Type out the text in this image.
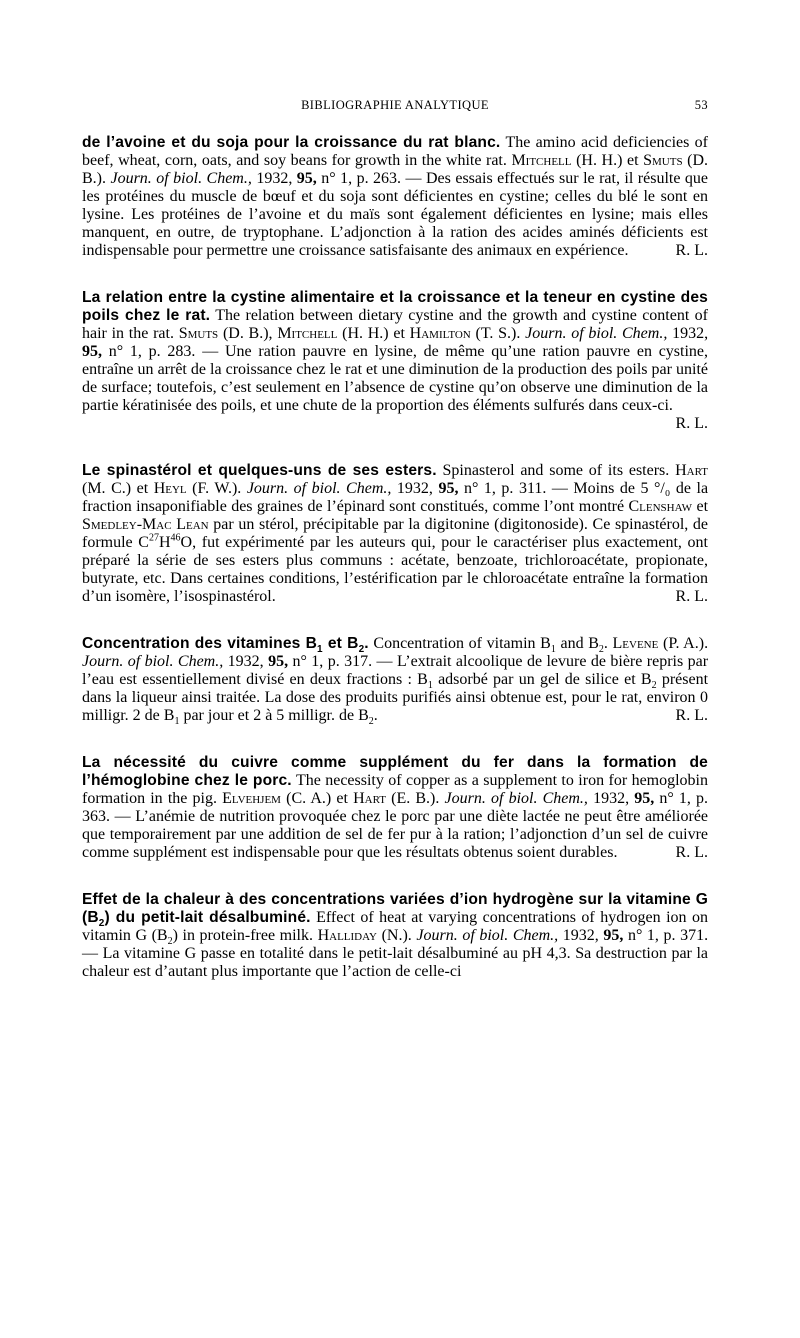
BIBLIOGRAPHIE ANALYTIQUE	53

de l’avoine et du soja pour la croissance du rat blanc. The amino acid deficiencies of beef, wheat, corn, oats, and soy beans for growth in the white rat. Mitchell (H. H.) et Smuts (D. B.). Journ. of biol. Chem., 1932, 95, n° 1, p. 263. — Des essais effectués sur le rat, il résulte que les protéines du muscle de bœuf et du soja sont déficientes en cystine; celles du blé le sont en lysine. Les protéines de l’avoine et du maïs sont également déficientes en lysine; mais elles manquent, en outre, de tryptophane. L’adjonction à la ration des acides aminés déficients est indispensable pour permettre une croissance satisfaisante des animaux en expérience.	R. L.

La relation entre la cystine alimentaire et la croissance et la teneur en cystine des poils chez le rat. The relation between dietary cystine and the growth and cystine content of hair in the rat. Smuts (D. B.), Mitchell (H. H.) et Hamilton (T. S.). Journ. of biol. Chem., 1932, 95, n° 1, p. 283. — Une ration pauvre en lysine, de même qu’une ration pauvre en cystine, entraîne un arrêt de la croissance chez le rat et une diminution de la production des poils par unité de surface; toutefois, c’est seulement en l’absence de cystine qu’on observe une diminution de la partie kératinisée des poils, et une chute de la proportion des éléments sulfurés dans ceux-ci.
R. L.

Le spinastérol et quelques-uns de ses esters. Spinasterol and some of its esters. Hart (M. C.) et Heyl (F. W.). Journ. of biol. Chem., 1932, 95, n° 1, p. 311. — Moins de 5 °/₀ de la fraction insaponifiable des graines de l’épinard sont constitués, comme l’ont montré Clenshaw et Smedley-Mac Lean par un stérol, précipitable par la digitonine (digitonoside). Ce spinastérol, de formule $C^{27}H^{46}O$, fut expérimenté par les auteurs qui, pour le caractériser plus exactement, ont préparé la série de ses esters plus communs : acétate, benzoate, trichloroacétate, propionate, butyrate, etc. Dans certaines conditions, l’estérification par le chloroacétate entraîne la formation d’un isomère, l’isospinastérol.	R. L.

Concentration des vitamines $B_1$ et $B_2$. Concentration of vitamin $B_1$ and $B_2$. Levene (P. A.). Journ. of biol. Chem., 1932, 95, n° 1, p. 317. — L’extrait alcoolique de levure de bière repris par l’eau est essentiellement divisé en deux fractions : $B_1$ adsorbé par un gel de silice et $B_2$ présent dans la liqueur ainsi traitée. La dose des produits purifiés ainsi obtenue est, pour le rat, environ 0 milligr. 2 de $B_1$ par jour et 2 à 5 milligr. de $B_2$.	R. L.

La nécessité du cuivre comme supplément du fer dans la formation de l’hémoglobine chez le porc. The necessity of copper as a supplement to iron for hemoglobin formation in the pig. Elvehjem (C. A.) et Hart (E. B.). Journ. of biol. Chem., 1932, 95, n° 1, p. 363. — L’anémie de nutrition provoquée chez le porc par une diète lactée ne peut être améliorée que temporairement par une addition de sel de fer pur à la ration; l’adjonction d’un sel de cuivre comme supplément est indispensable pour que les résultats obtenus soient durables.	R. L.

Effet de la chaleur à des concentrations variées d’ion hydrogène sur la vitamine G $(B_2)$ du petit-lait désalbuminé. Effect of heat at varying concentrations of hydrogen ion on vitamin G $(B_2)$ in protein-free milk. Halliday (N.). Journ. of biol. Chem., 1932, 95, n° 1, p. 371. — La vitamine G passe en totalité dans le petit-lait désalbuminé au pH 4,3. Sa destruction par la chaleur est d’autant plus importante que l’action de celle-ci
